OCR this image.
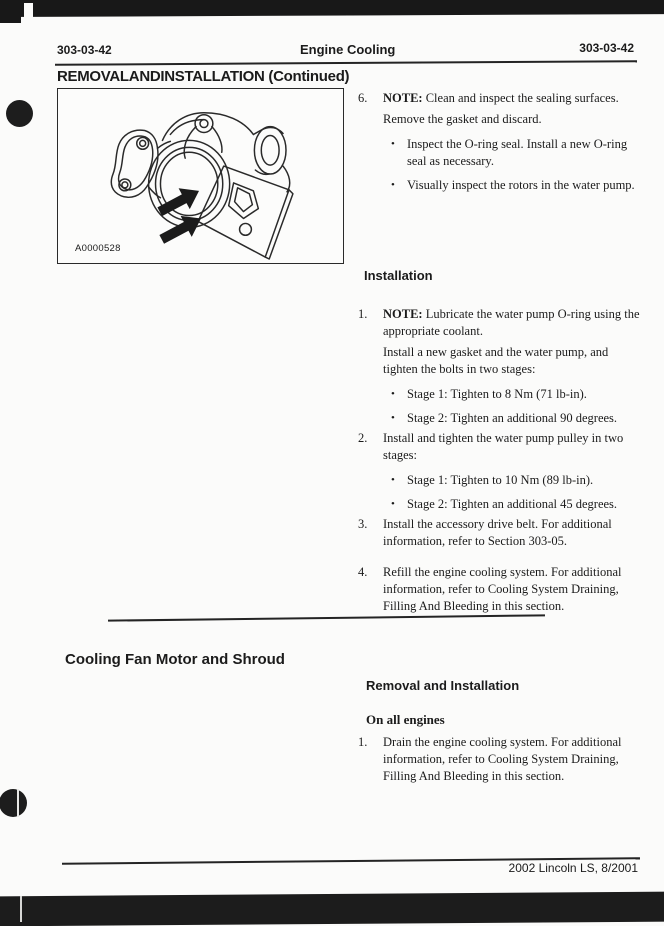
303-03-42	Engine Cooling	303-03-42
REMOVALANDINSTALLATION (Continued)
A0000528
6.	NOTE: Clean and inspect the sealing surfaces.
Remove the gasket and discard.
• Inspect the O-ring seal. Install a new O-ring seal as necessary.
• Visually inspect the rotors in the water pump.
Installation
1.	NOTE: Lubricate the water pump O-ring using the appropriate coolant.
Install a new gasket and the water pump, and tighten the bolts in two stages:
• Stage 1: Tighten to 8 Nm (71 lb-in).
• Stage 2: Tighten an additional 90 degrees.
2.	Install and tighten the water pump pulley in two stages:
• Stage 1: Tighten to 10 Nm (89 lb-in).
• Stage 2: Tighten an additional 45 degrees.
3.	Install the accessory drive belt. For additional information, refer to Section 303-05.
4.	Refill the engine cooling system. For additional information, refer to Cooling System Draining, Filling And Bleeding in this section.
Cooling Fan Motor and Shroud
Removal and Installation
On all engines
1.	Drain the engine cooling system. For additional information, refer to Cooling System Draining, Filling And Bleeding in this section.
2002 Lincoln LS, 8/2001
